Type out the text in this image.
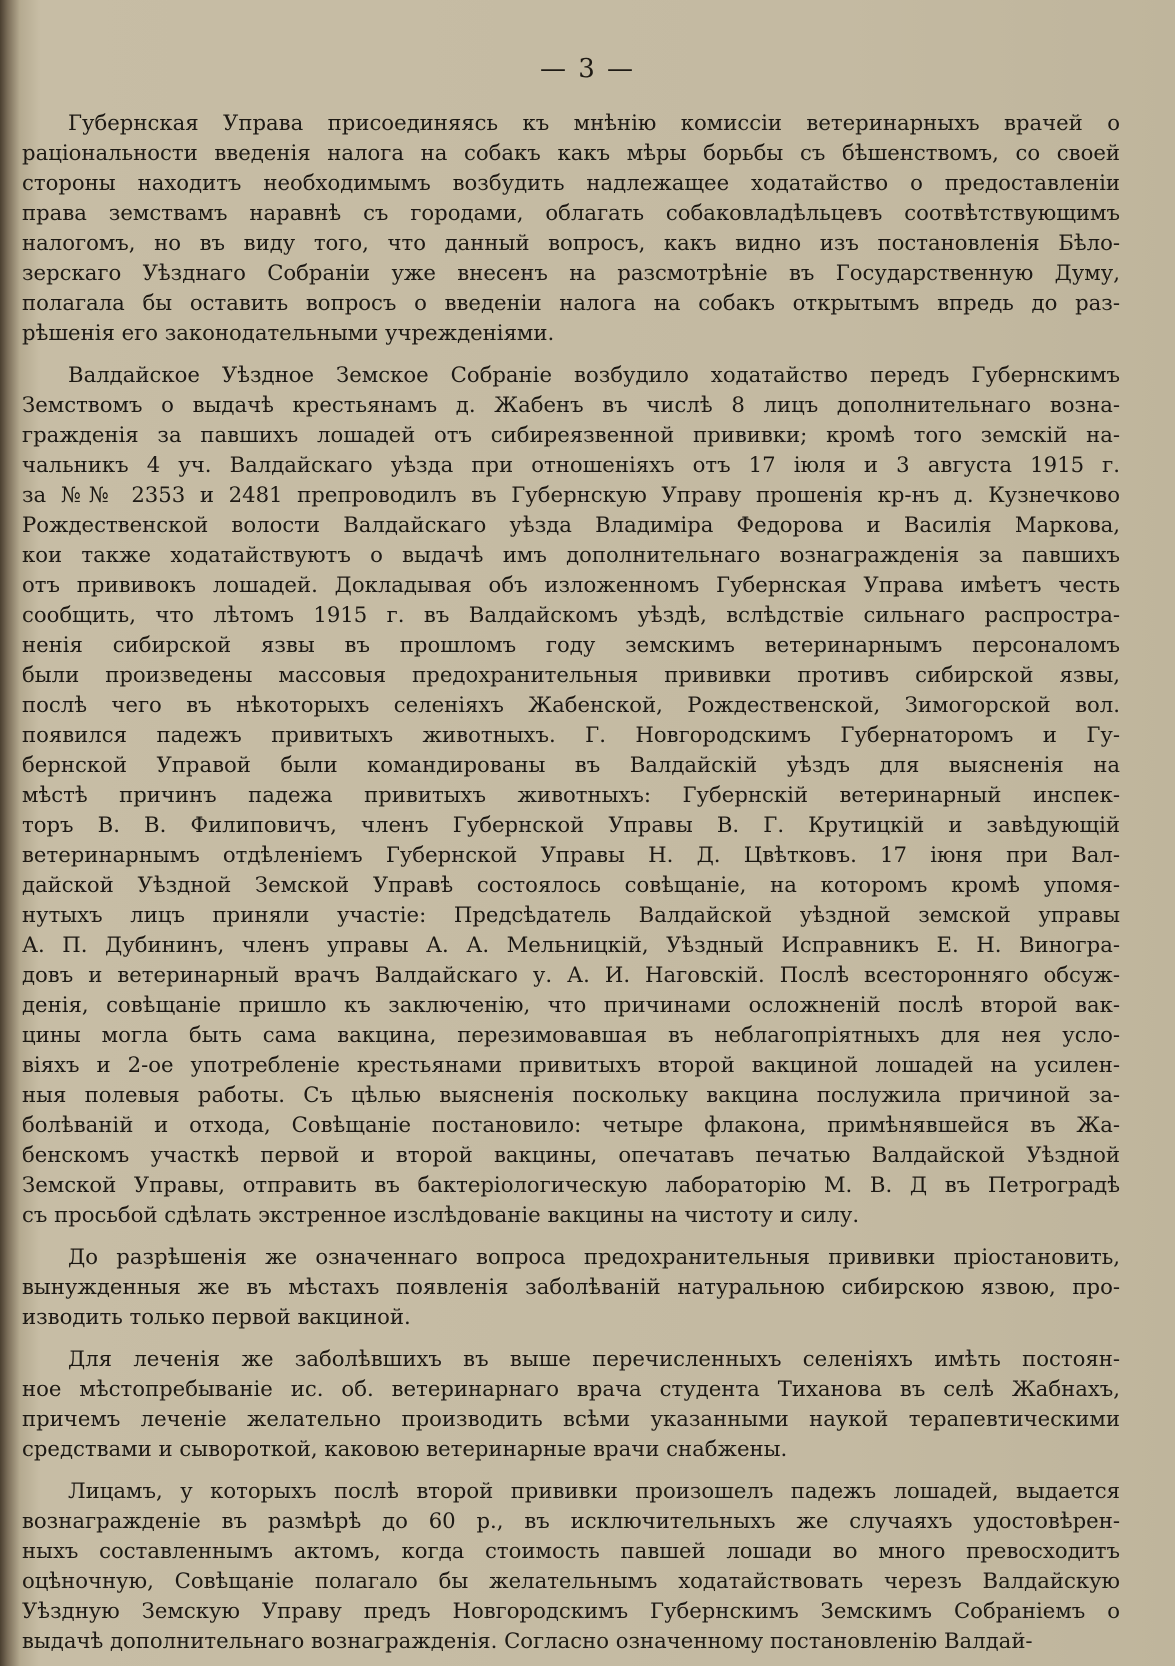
— 3 —
Губернская Управа присоединяясь къ мнѣнію комиссіи ветеринарныхъ врачей о
раціональности введенія налога на собакъ какъ мѣры борьбы съ бѣшенствомъ, со своей
стороны находитъ необходимымъ возбудить надлежащее ходатайство о предоставленіи
права земствамъ наравнѣ съ городами, облагать собаковладѣльцевъ соотвѣтствующимъ
налогомъ, но въ виду того, что данный вопросъ, какъ видно изъ постановленія Бѣло-
зерскаго Уѣзднаго Собраніи уже внесенъ на разсмотрѣніе въ Государственную Думу,
полагала бы оставить вопросъ о введеніи налога на собакъ открытымъ впредь до раз-
рѣшенія его законодательными учрежденіями.
Валдайское Уѣздное Земское Собраніе возбудило ходатайство передъ Губернскимъ
Земствомъ о выдачѣ крестьянамъ д. Жабенъ въ числѣ 8 лицъ дополнительнаго возна-
гражденія за павшихъ лошадей отъ сибиреязвенной прививки; кромѣ того земскій на-
чальникъ 4 уч. Валдайскаго уѣзда при отношеніяхъ отъ 17 іюля и 3 августа 1915 г.
за №№ 2353 и 2481 препроводилъ въ Губернскую Управу прошенія кр-нъ д. Кузнечково
Рождественской волости Валдайскаго уѣзда Владиміра Федорова и Василія Маркова,
кои также ходатайствуютъ о выдачѣ имъ дополнительнаго вознагражденія за павшихъ
отъ прививокъ лошадей. Докладывая объ изложенномъ Губернская Управа имѣетъ честь
сообщить, что лѣтомъ 1915 г. въ Валдайскомъ уѣздѣ, вслѣдствіе сильнаго распростра-
ненія сибирской язвы въ прошломъ году земскимъ ветеринарнымъ персоналомъ
были произведены массовыя предохранительныя прививки противъ сибирской язвы,
послѣ чего въ нѣкоторыхъ селеніяхъ Жабенской, Рождественской, Зимогорской вол.
появился падежъ привитыхъ животныхъ. Г. Новгородскимъ Губернаторомъ и Гу-
бернской Управой были командированы въ Валдайскій уѣздъ для выясненія на
мѣстѣ причинъ падежа привитыхъ животныхъ: Губернскій ветеринарный инспек-
торъ В. В. Филиповичъ, членъ Губернской Управы В. Г. Крутицкій и завѣдующій
ветеринарнымъ отдѣленіемъ Губернской Управы Н. Д. Цвѣтковъ. 17 іюня при Вал-
дайской Уѣздной Земской Управѣ состоялось совѣщаніе, на которомъ кромѣ упомя-
нутыхъ лицъ приняли участіе: Предсѣдатель Валдайской уѣздной земской управы
А. П. Дубининъ, членъ управы А. А. Мельницкій, Уѣздный Исправникъ Е. Н. Виногра-
довъ и ветеринарный врачъ Валдайскаго у. А. И. Наговскій. Послѣ всесторонняго обсуж-
денія, совѣщаніе пришло къ заключенію, что причинами осложненій послѣ второй вак-
цины могла быть сама вакцина, перезимовавшая въ неблагопріятныхъ для нея усло-
віяхъ и 2-ое употребленіе крестьянами привитыхъ второй вакциной лошадей на усилен-
ныя полевыя работы. Съ цѣлью выясненія поскольку вакцина послужила причиной за-
болѣваній и отхода, Совѣщаніе постановило: четыре флакона, примѣнявшейся въ Жа-
бенскомъ участкѣ первой и второй вакцины, опечатавъ печатью Валдайской Уѣздной
Земской Управы, отправить въ бактеріологическую лабораторію М. В. Д въ Петроградѣ
съ просьбой сдѣлать экстренное изслѣдованіе вакцины на чистоту и силу.
До разрѣшенія же означеннаго вопроса предохранительныя прививки пріостановить,
вынужденныя же въ мѣстахъ появленія заболѣваній натуральною сибирскою язвою, про-
изводить только первой вакциной.
Для леченія же заболѣвшихъ въ выше перечисленныхъ селеніяхъ имѣть постоян-
ное мѣстопребываніе ис. об. ветеринарнаго врача студента Тиханова въ селѣ Жабнахъ,
причемъ леченіе желательно производить всѣми указанными наукой терапевтическими
средствами и сывороткой, каковою ветеринарные врачи снабжены.
Лицамъ, у которыхъ послѣ второй прививки произошелъ падежъ лошадей, выдается
вознагражденіе въ размѣрѣ до 60 р., въ исключительныхъ же случаяхъ удостовѣрен-
ныхъ составленнымъ актомъ, когда стоимость павшей лошади во много превосходитъ
оцѣночную, Совѣщаніе полагало бы желательнымъ ходатайствовать черезъ Валдайскую
Уѣздную Земскую Управу предъ Новгородскимъ Губернскимъ Земскимъ Собраніемъ о
выдачѣ дополнительнаго вознагражденія. Согласно означенному постановленію Валдай-
